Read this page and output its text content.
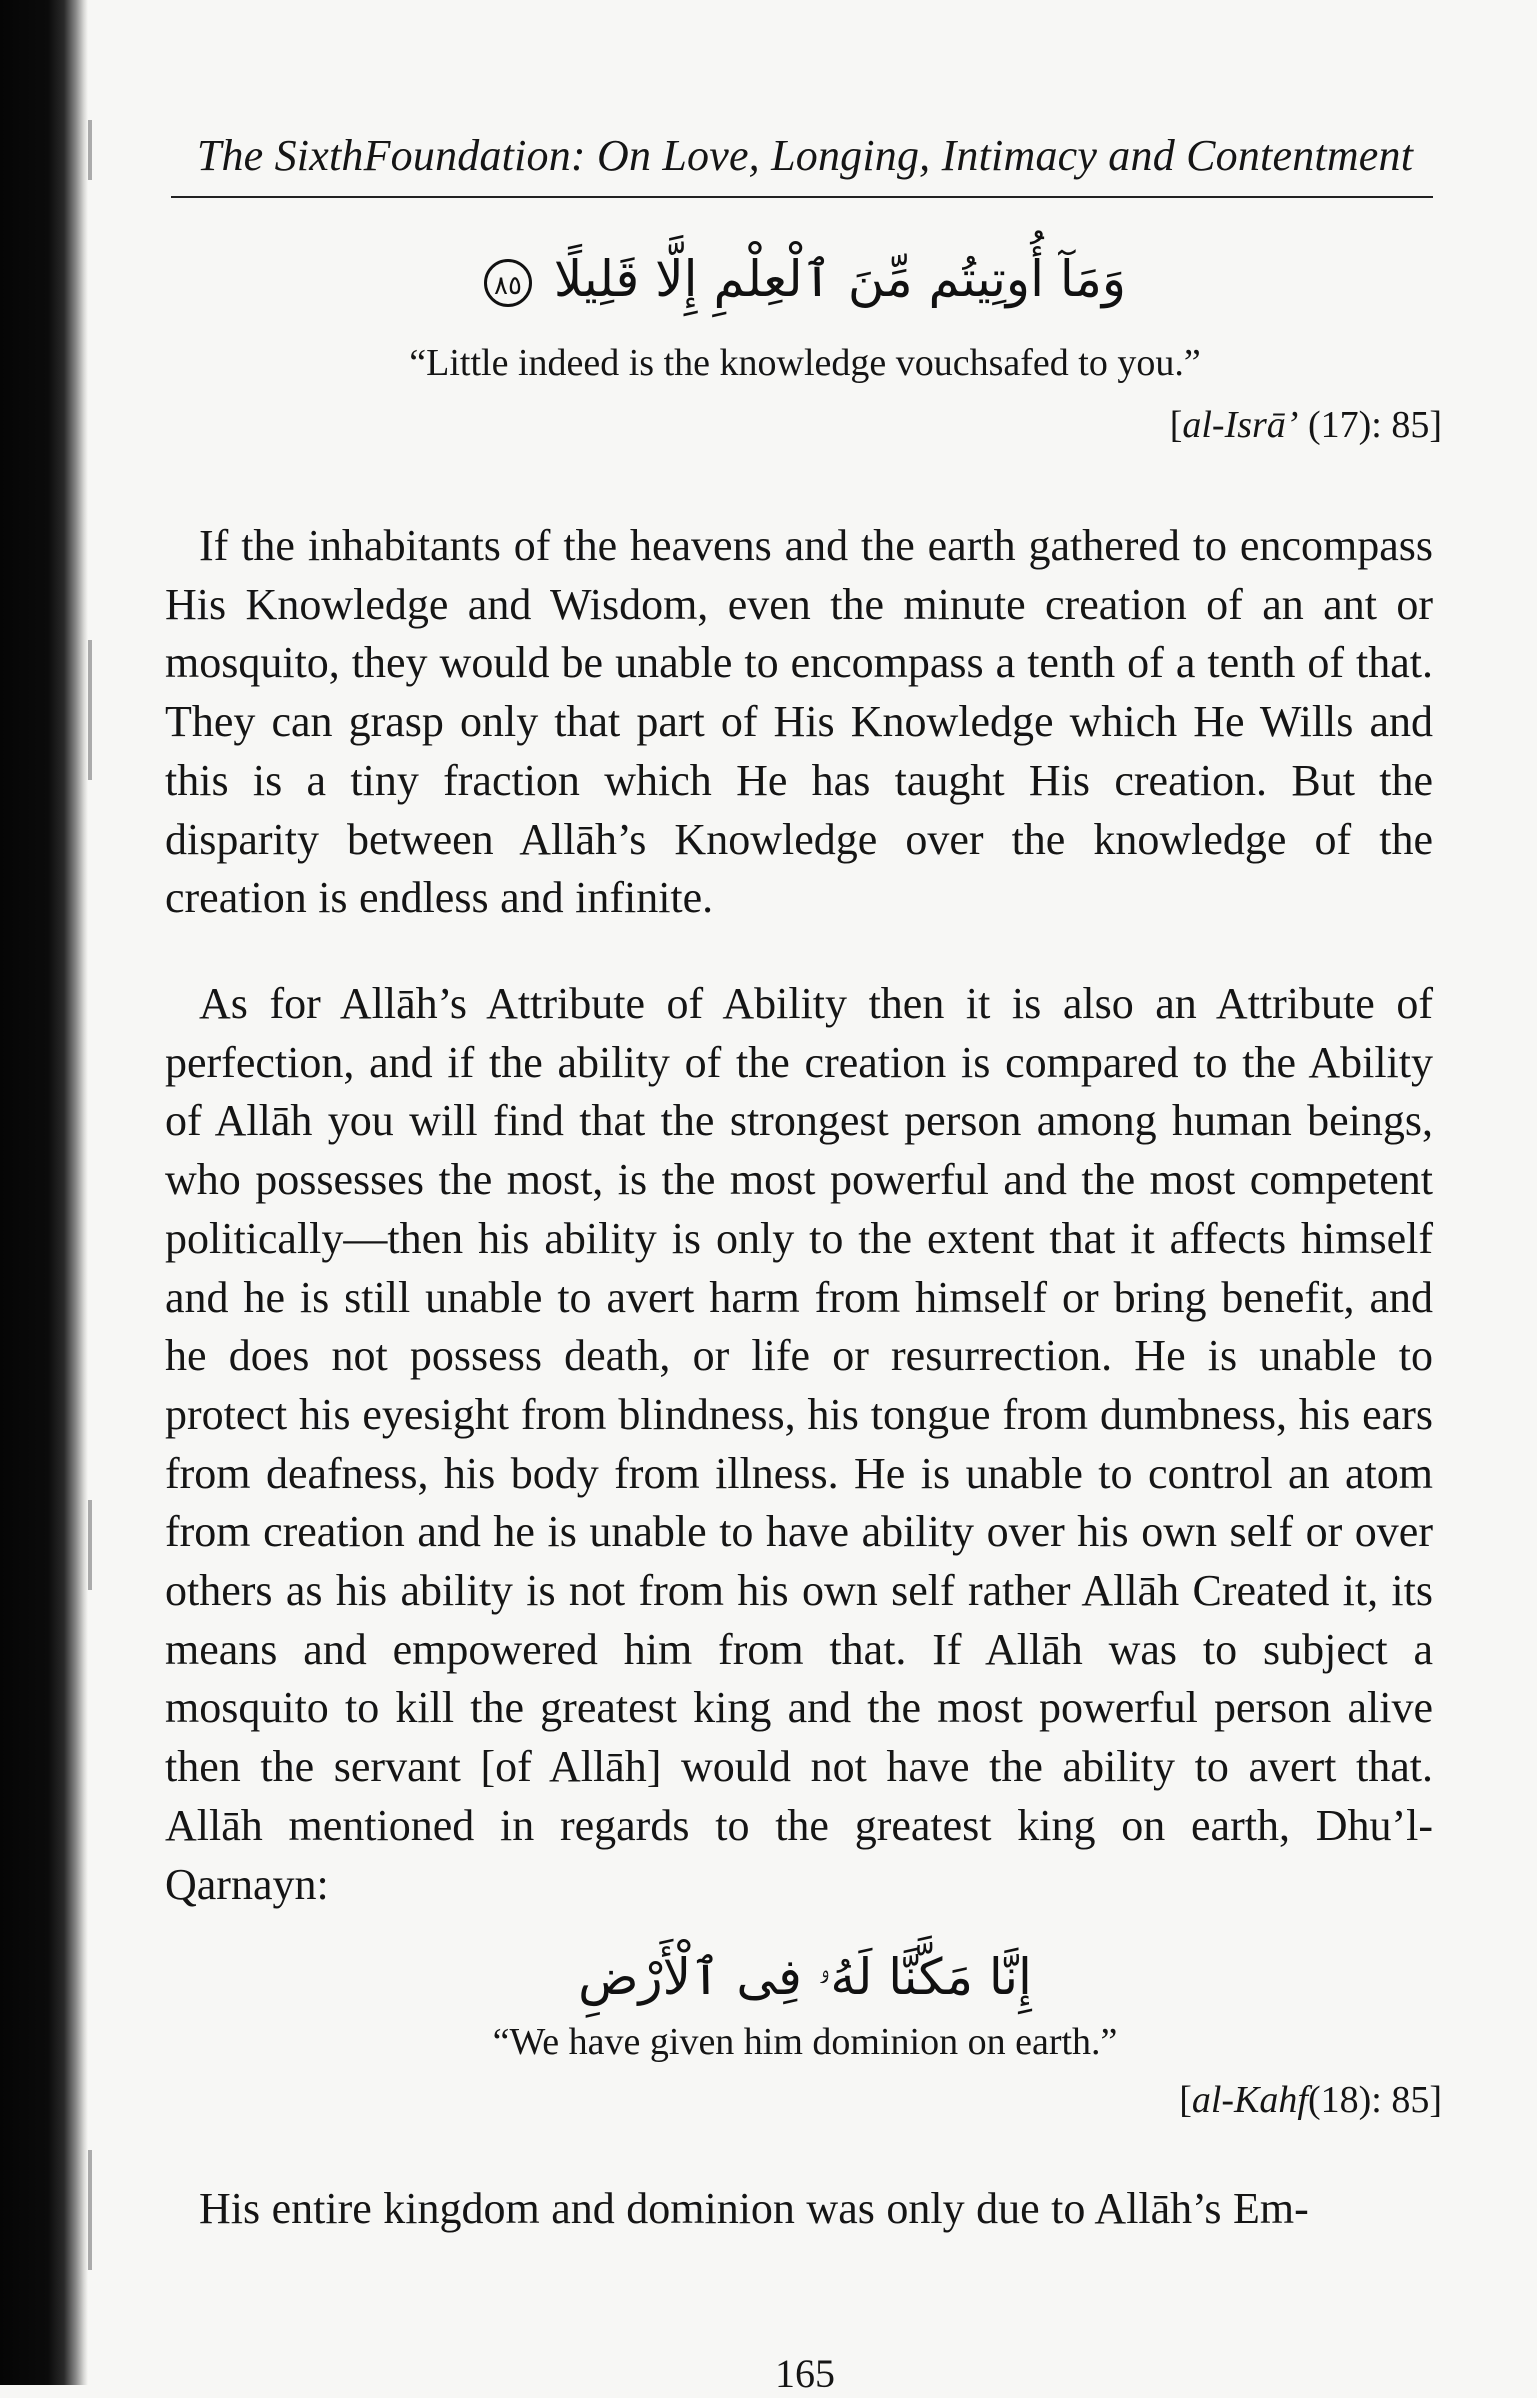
The SixthFoundation: On Love, Longing, Intimacy and Contentment
وَمَآ أُوتِيتُم مِّنَ ٱلْعِلْمِ إِلَّا قَلِيلًا ٨٥
“Little indeed is the knowledge vouchsafed to you.”
[al-Isrā’ (17): 85]

If the inhabitants of the heavens and the earth gathered to encompass His Knowledge and Wisdom, even the minute creation of an ant or mosquito, they would be unable to encompass a tenth of a tenth of that. They can grasp only that part of His Knowledge which He Wills and this is a tiny fraction which He has taught His creation. But the disparity between Allāh’s Knowledge over the knowledge of the creation is endless and infinite.

As for Allāh’s Attribute of Ability then it is also an Attribute of perfection, and if the ability of the creation is compared to the Ability of Allāh you will find that the strongest person among human beings, who possesses the most, is the most powerful and the most competent politically—then his ability is only to the extent that it affects himself and he is still unable to avert harm from himself or bring benefit, and he does not possess death, or life or resurrection. He is unable to protect his eyesight from blindness, his tongue from dumbness, his ears from deafness, his body from illness. He is unable to control an atom from creation and he is unable to have ability over his own self or over others as his ability is not from his own self rather Allāh Created it, its means and empowered him from that. If Allāh was to subject a mosquito to kill the greatest king and the most powerful person alive then the servant [of Allāh] would not have the ability to avert that. Allāh mentioned in regards to the greatest king on earth, Dhu’l-Qarnayn:

إِنَّا مَكَّنَّا لَهُۥ فِى ٱلْأَرْضِ
“We have given him dominion on earth.”
[al-Kahf(18): 85]

His entire kingdom and dominion was only due to Allāh’s Em-

165
